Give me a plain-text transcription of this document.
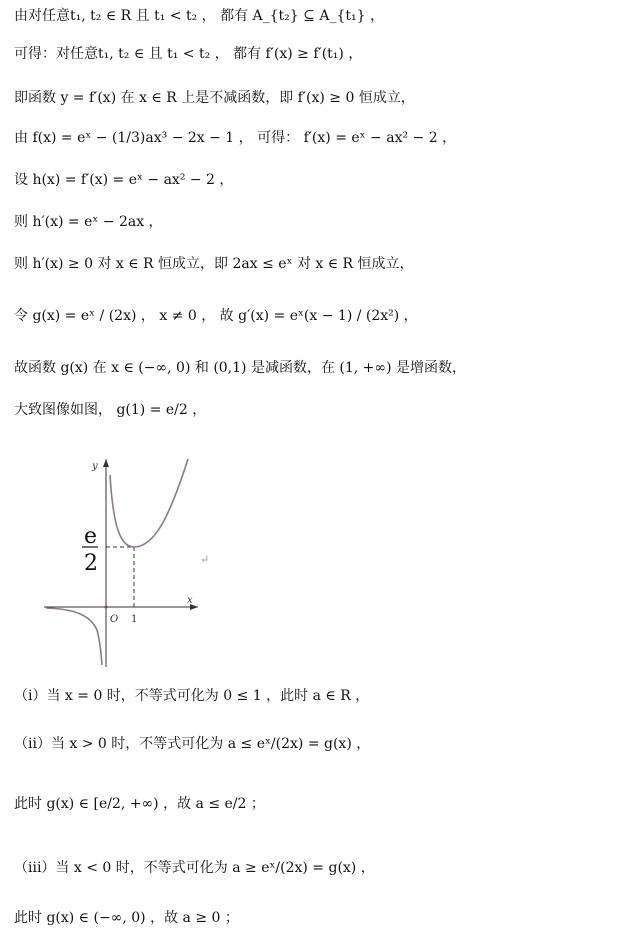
由对任意t₁, t₂ ∈ R 且 t₁ < t₂ ， 都有 A_{t₂} ⊆ A_{t₁} ，
可得：对任意t₁, t₂ ∈ 且 t₁ < t₂ ， 都有 f′(x) ≥ f′(t₁) ，
即函数 y = f′(x) 在 x ∈ R 上是不减函数，即 f′(x) ≥ 0 恒成立，
由 f(x) = eˣ − (1/3)ax³ − 2x − 1 ， 可得： f′(x) = eˣ − ax² − 2 ，
设 h(x) = f′(x) = eˣ − ax² − 2 ，
则 h′(x) = eˣ − 2ax ，
则 h′(x) ≥ 0 对 x ∈ R 恒成立，即 2ax ≤ eˣ 对 x ∈ R 恒成立，
令 g(x) = eˣ / (2x) ， x ≠ 0 ， 故 g′(x) = eˣ(x − 1) / (2x²) ，
故函数 g(x) 在 x ∈ (−∞, 0) 和 (0,1) 是减函数，在 (1, +∞) 是增函数，
大致图像如图， g(1) = e/2 ，
y
x
O 1
e
2	↵
（i）当 x = 0 时，不等式可化为 0 ≤ 1 ，此时 a ∈ R ，
（ii）当 x > 0 时，不等式可化为 a ≤ eˣ/(2x) = g(x) ，
此时 g(x) ∈ [e/2, +∞) ，故 a ≤ e/2 ；
（iii）当 x < 0 时，不等式可化为 a ≥ eˣ/(2x) = g(x) ，
此时 g(x) ∈ (−∞, 0) ，故 a ≥ 0 ；
